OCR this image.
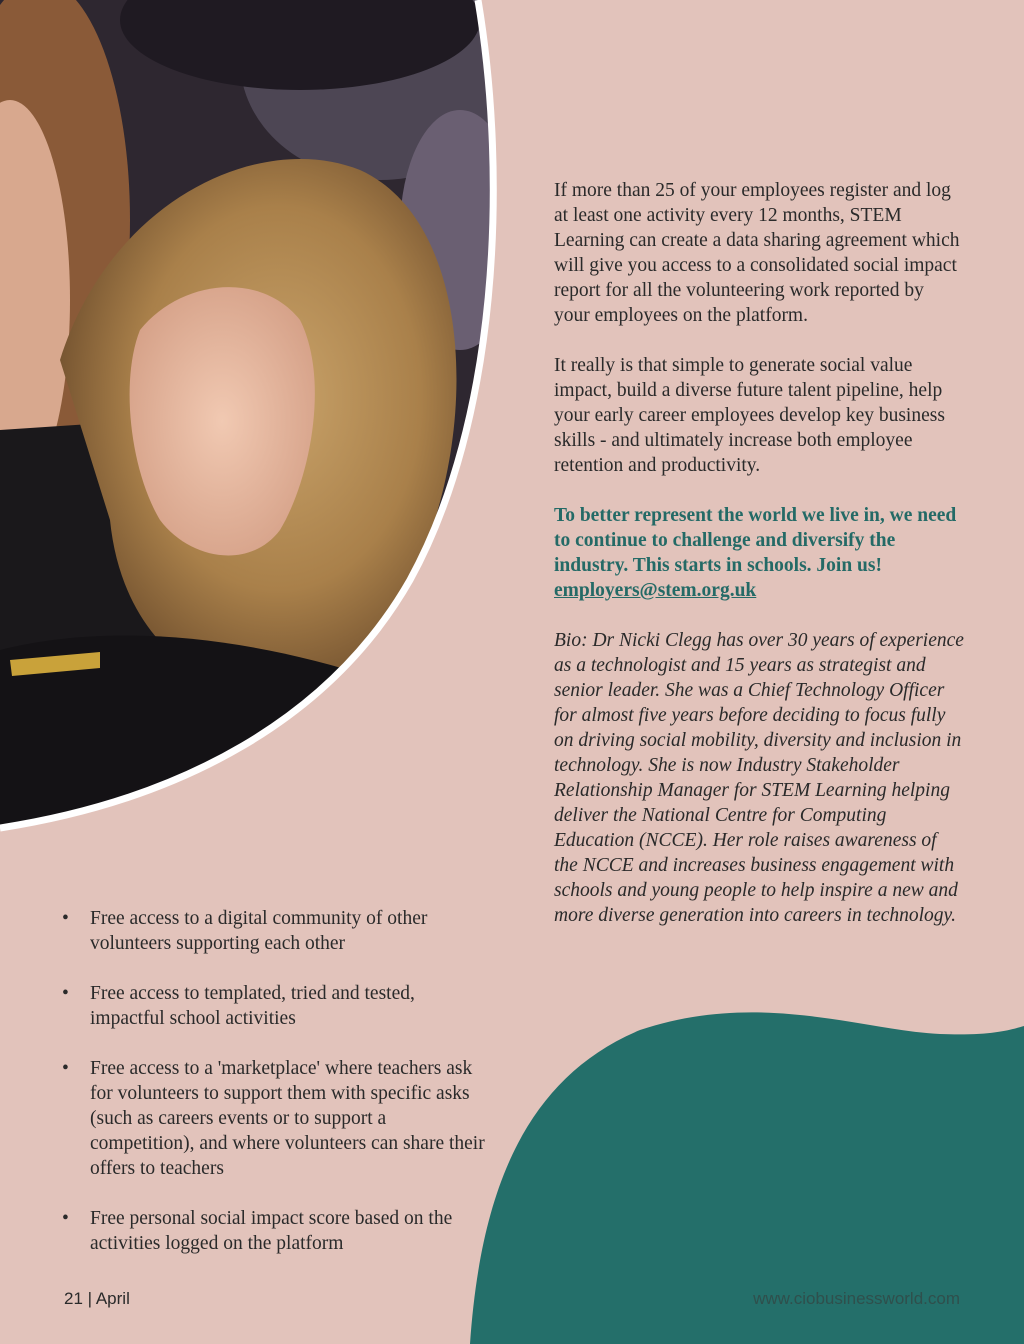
If more than 25 of your employees register and log at least one activity every 12 months, STEM Learning can create a data sharing agreement which will give you access to a consolidated social impact report for all the volunteering work reported by your employees on the platform.

It really is that simple to generate social value impact, build a diverse future talent pipeline, help your early career employees develop key business skills - and ultimately increase both employee retention and productivity.

To better represent the world we live in, we need to continue to challenge and diversify the industry. This starts in schools. Join us! employers@stem.org.uk

Bio: Dr Nicki Clegg has over 30 years of experience as a technologist and 15 years as strategist and senior leader. She was a Chief Technology Officer for almost five years before deciding to focus fully on driving social mobility, diversity and inclusion in technology. She is now Industry Stakeholder Relationship Manager for STEM Learning helping deliver the National Centre for Computing Education (NCCE). Her role raises awareness of the NCCE and increases business engagement with schools and young people to help inspire a new and more diverse generation into careers in technology.

• Free access to a digital community of other volunteers supporting each other
• Free access to templated, tried and tested, impactful school activities
• Free access to a 'marketplace' where teachers ask for volunteers to support them with specific asks (such as careers events or to support a competition), and where volunteers can share their offers to teachers
• Free personal social impact score based on the activities logged on the platform
21 | April	www.ciobusinessworld.com
